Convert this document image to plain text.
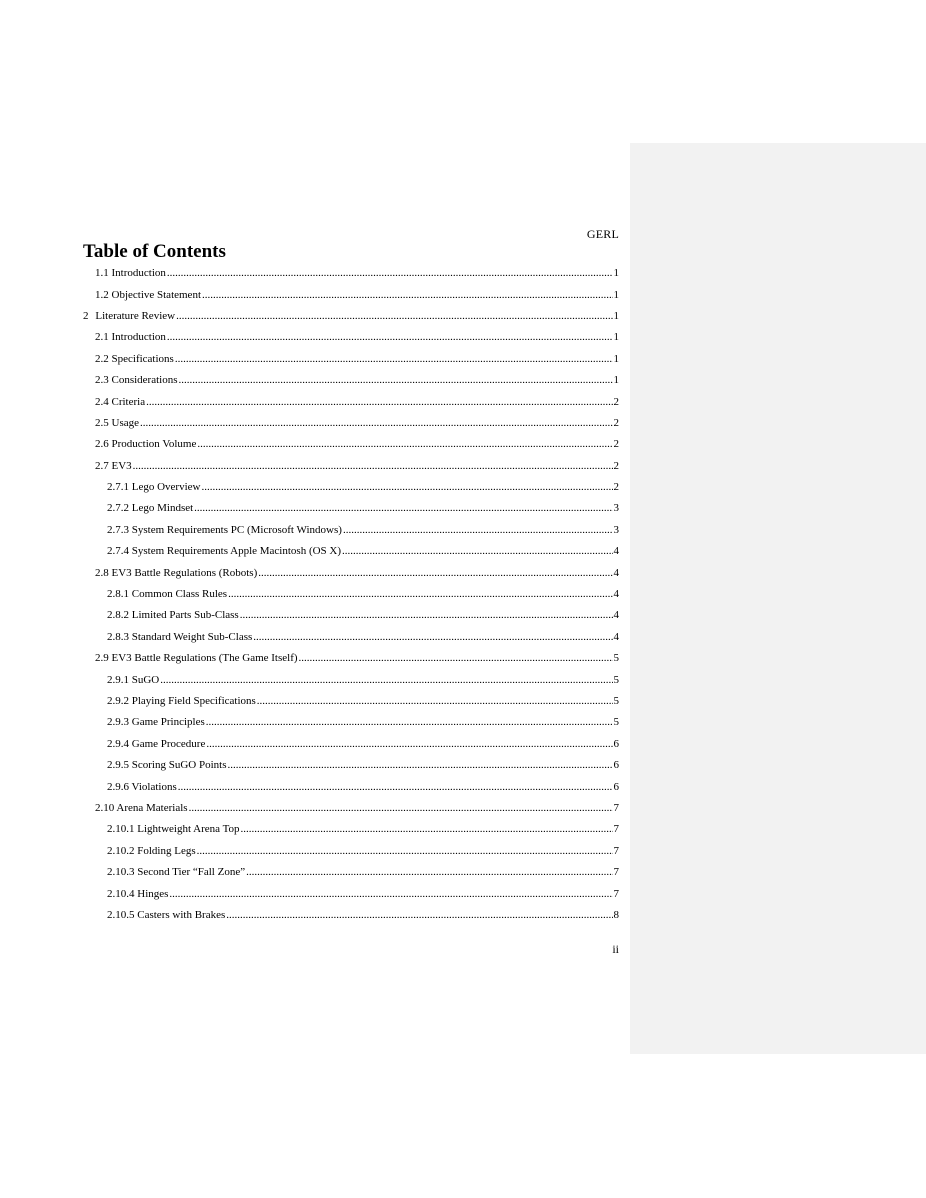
GERL
Table of Contents
1.1 Introduction .....	1
1.2 Objective Statement .....	1
2 Literature Review .....	1
2.1 Introduction .....	1
2.2 Specifications .....	1
2.3 Considerations .....	1
2.4 Criteria .....	2
2.5 Usage .....	2
2.6 Production Volume .....	2
2.7 EV3 .....	2
2.7.1 Lego Overview .....	2
2.7.2 Lego Mindset .....	3
2.7.3 System Requirements PC (Microsoft Windows) .....	3
2.7.4 System Requirements Apple Macintosh (OS X) .....	4
2.8 EV3 Battle Regulations (Robots) .....	4
2.8.1 Common Class Rules .....	4
2.8.2 Limited Parts Sub-Class .....	4
2.8.3 Standard Weight Sub-Class .....	4
2.9 EV3 Battle Regulations (The Game Itself) .....	5
2.9.1 SuGO .....	5
2.9.2 Playing Field Specifications .....	5
2.9.3 Game Principles .....	5
2.9.4 Game Procedure .....	6
2.9.5 Scoring SuGO Points .....	6
2.9.6 Violations .....	6
2.10 Arena Materials .....	7
2.10.1 Lightweight Arena Top .....	7
2.10.2 Folding Legs .....	7
2.10.3 Second Tier “Fall Zone” .....	7
2.10.4 Hinges .....	7
2.10.5 Casters with Brakes .....	8
ii
